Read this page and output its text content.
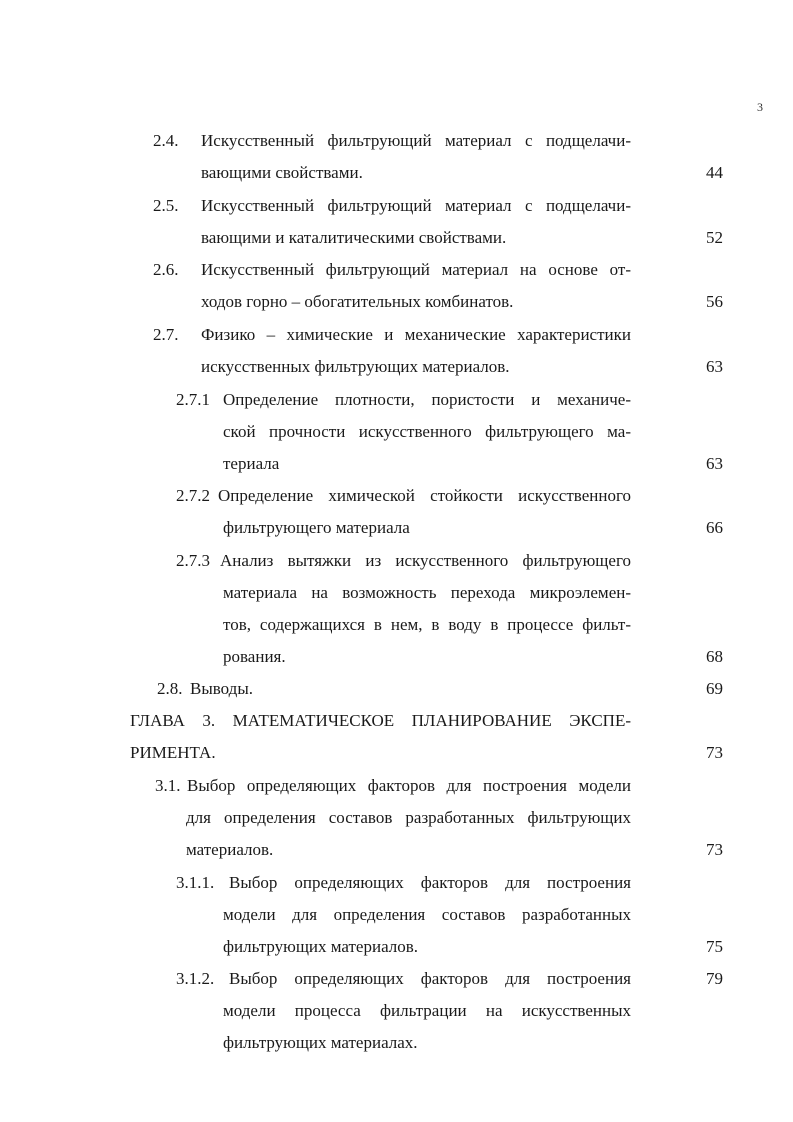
3
2.4. Искусственный фильтрующий материал с подщелачи-
вающими свойствами.	44
2.5. Искусственный фильтрующий материал с подщелачи-
вающими и каталитическими свойствами.	52
2.6. Искусственный фильтрующий материал на основе от-
ходов горно – обогатительных комбинатов.	56
2.7. Физико – химические и механические характеристики
искусственных фильтрующих материалов.	63
2.7.1 Определение плотности, пористости и механиче-
ской прочности искусственного фильтрующего ма-
териала	63
2.7.2 Определение химической стойкости искусственного
фильтрующего материала	66
2.7.3 Анализ вытяжки из искусственного фильтрующего
материала на возможность перехода микроэлемен-
тов, содержащихся в нем, в воду в процессе фильт-
рования.	68
2.8. Выводы.	69
ГЛАВА 3. МАТЕМАТИЧЕСКОЕ ПЛАНИРОВАНИЕ ЭКСПЕ-
РИМЕНТА.	73
3.1. Выбор определяющих факторов для построения модели
для определения составов разработанных фильтрующих
материалов.	73
3.1.1. Выбор определяющих факторов для построения
модели для определения составов разработанных
фильтрующих материалов.	75
3.1.2. Выбор определяющих факторов для построения	79
модели процесса фильтрации на искусственных
фильтрующих материалах.
